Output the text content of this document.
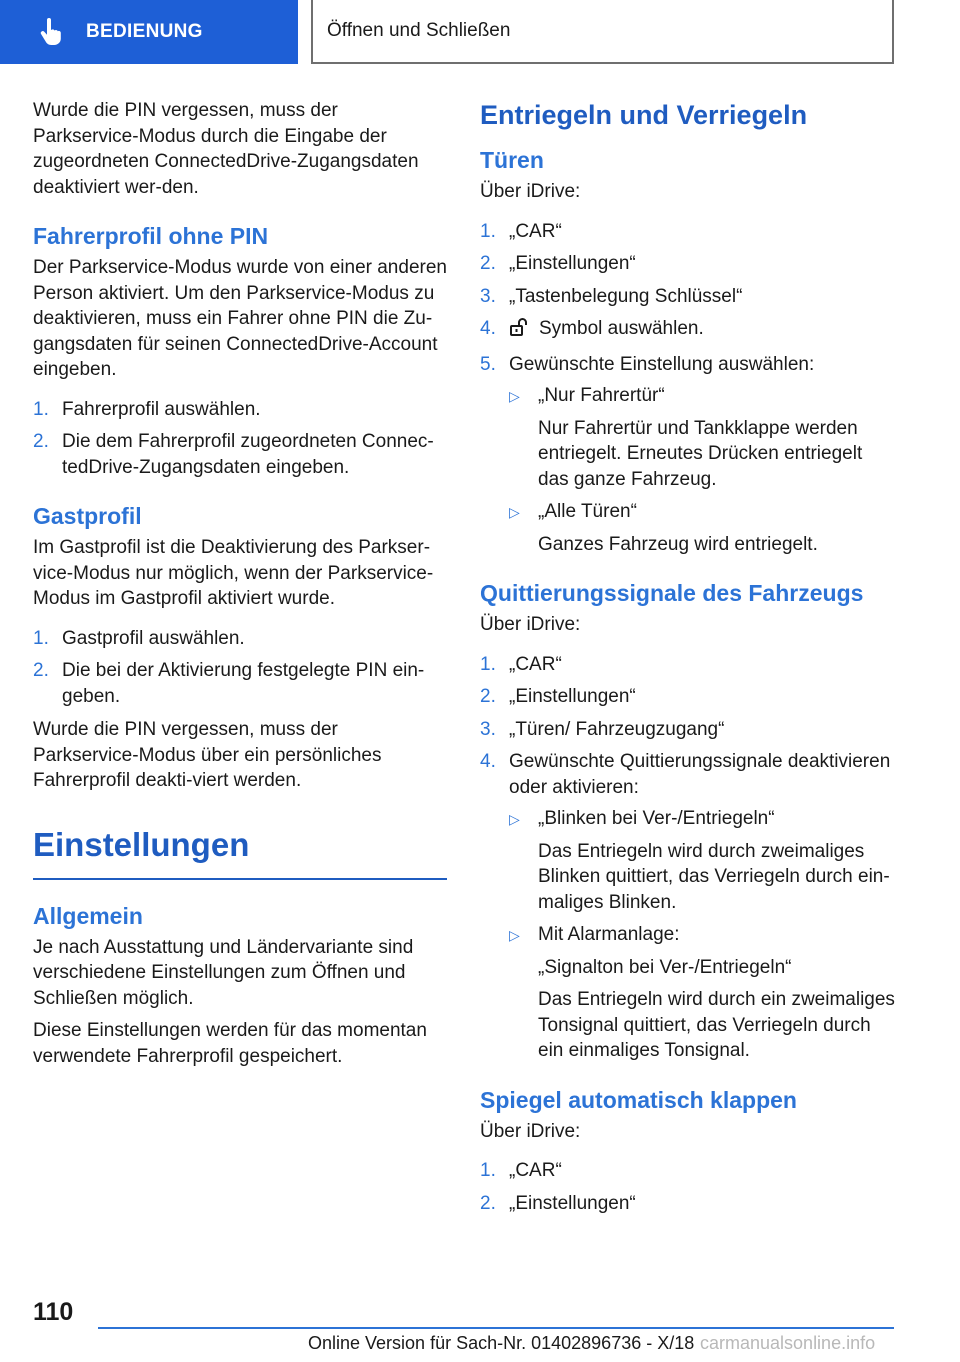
BEDIENUNG	Öffnen und Schließen

Wurde die PIN vergessen, muss der Parkservice-Modus durch die Eingabe der zugeordneten ConnectedDrive-Zugangsdaten deaktiviert wer-den.

Fahrerprofil ohne PIN

Der Parkservice-Modus wurde von einer anderen Person aktiviert. Um den Parkservice-Modus zu deaktivieren, muss ein Fahrer ohne PIN die Zu-gangsdaten für seinen ConnectedDrive-Account eingeben.

1. Fahrerprofil auswählen.
2. Die dem Fahrerprofil zugeordneten Connec-tedDrive-Zugangsdaten eingeben.
Gastprofil

Im Gastprofil ist die Deaktivierung des Parkser-vice-Modus nur möglich, wenn der Parkservice-Modus im Gastprofil aktiviert wurde.

1. Gastprofil auswählen.
2. Die bei der Aktivierung festgelegte PIN ein-geben.

Wurde die PIN vergessen, muss der Parkservice-Modus über ein persönliches Fahrerprofil deakti-viert werden.

Einstellungen
Allgemein

Je nach Ausstattung und Ländervariante sind verschiedene Einstellungen zum Öffnen und Schließen möglich.

Diese Einstellungen werden für das momentan verwendete Fahrerprofil gespeichert.

Entriegeln und Verriegeln
Türen

Über iDrive:

1. „CAR“
2. „Einstellungen“
3. „Tastenbelegung Schlüssel“
4. Symbol auswählen.
5. Gewünschte Einstellung auswählen:
▷ „Nur Fahrertür“
Nur Fahrertür und Tankklappe werden entriegelt. Erneutes Drücken entriegelt das ganze Fahrzeug.
▷ „Alle Türen“
Ganzes Fahrzeug wird entriegelt.
Quittierungssignale des Fahrzeugs

Über iDrive:

1. „CAR“
2. „Einstellungen“
3. „Türen/ Fahrzeugzugang“
4. Gewünschte Quittierungssignale deaktivieren oder aktivieren:
▷ „Blinken bei Ver-/Entriegeln“
Das Entriegeln wird durch zweimaliges Blinken quittiert, das Verriegeln durch ein-maliges Blinken.
▷ Mit Alarmanlage:
„Signalton bei Ver-/Entriegeln“
Das Entriegeln wird durch ein zweimaliges Tonsignal quittiert, das Verriegeln durch ein einmaliges Tonsignal.
Spiegel automatisch klappen

Über iDrive:

1. „CAR“
2. „Einstellungen“
110
Online Version für Sach-Nr. 01402896736 - X/18 carmanualsonline.info
